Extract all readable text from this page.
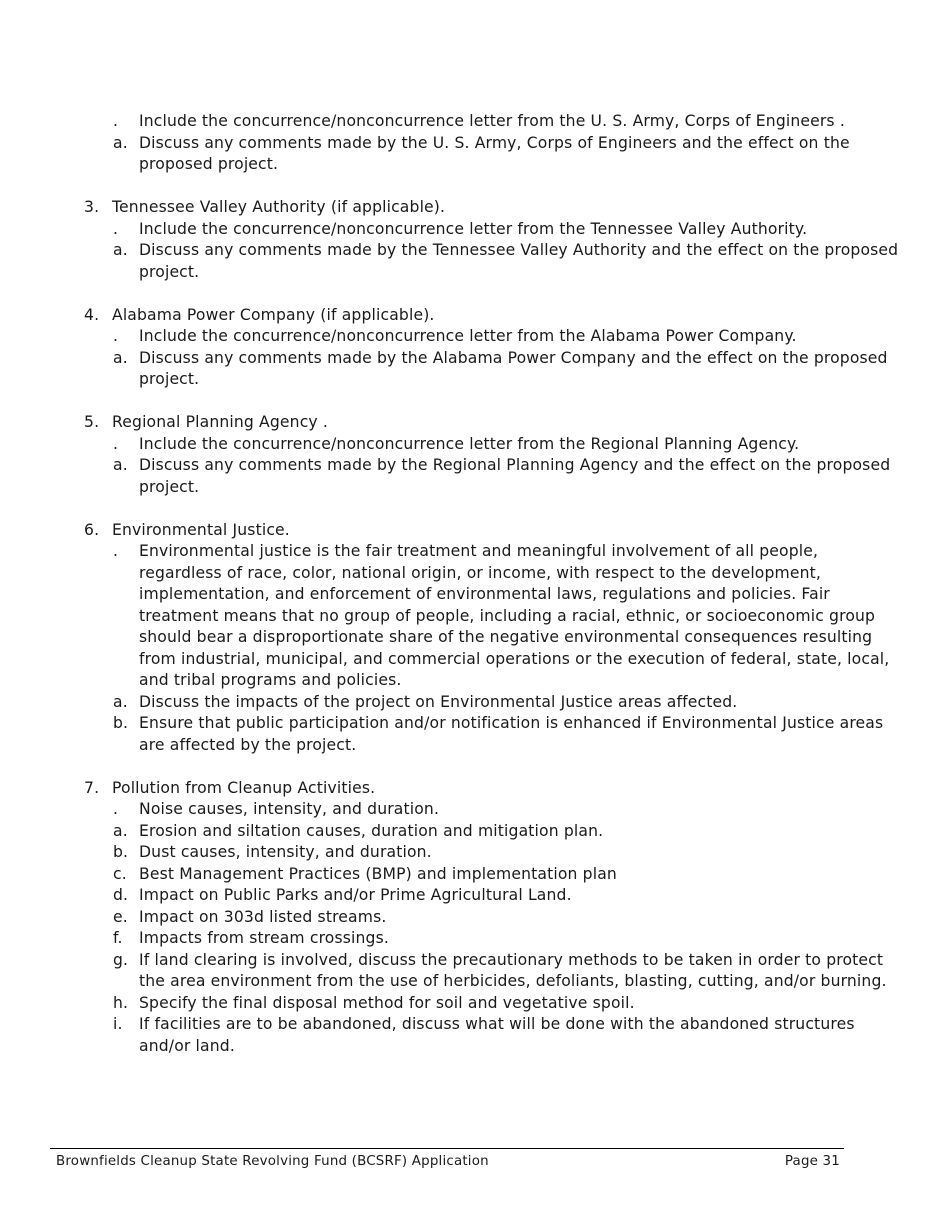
.	Include the concurrence/nonconcurrence letter from the U. S. Army, Corps of Engineers .
a. Discuss any comments made by the U. S. Army, Corps of Engineers and the effect on the proposed project.
3. Tennessee Valley Authority (if applicable).
.	Include the concurrence/nonconcurrence letter from the Tennessee Valley Authority.
a. Discuss any comments made by the Tennessee Valley Authority and the effect on the proposed project.
4. Alabama Power Company (if applicable).
.	Include the concurrence/nonconcurrence letter from the Alabama Power Company.
a. Discuss any comments made by the Alabama Power Company and the effect on the proposed project.
5. Regional Planning Agency .
.	Include the concurrence/nonconcurrence letter from the Regional Planning Agency.
a. Discuss any comments made by the Regional Planning Agency and the effect on the proposed project.
6. Environmental Justice.
.	Environmental justice is the fair treatment and meaningful involvement of all people, regardless of race, color, national origin, or income, with respect to the development, implementation, and enforcement of environmental laws, regulations and policies. Fair treatment means that no group of people, including a racial, ethnic, or socioeconomic group should bear a disproportionate share of the negative environmental consequences resulting from industrial, municipal, and commercial operations or the execution of federal, state, local, and tribal programs and policies.
a. Discuss the impacts of the project on Environmental Justice areas affected.
b. Ensure that public participation and/or notification is enhanced if Environmental Justice areas are affected by the project.
7. Pollution from Cleanup Activities.
.	Noise causes, intensity, and duration.
a. Erosion and siltation causes, duration and mitigation plan.
b. Dust causes, intensity, and duration.
c. Best Management Practices (BMP) and implementation plan
d. Impact on Public Parks and/or Prime Agricultural Land.
e. Impact on 303d listed streams.
f.	Impacts from stream crossings.
g. If land clearing is involved, discuss the precautionary methods to be taken in order to protect the area environment from the use of herbicides, defoliants, blasting, cutting, and/or burning.
h. Specify the final disposal method for soil and vegetative spoil.
i.	If facilities are to be abandoned, discuss what will be done with the abandoned structures and/or land.
Brownfields Cleanup State Revolving Fund (BCSRF) Application	Page 31
